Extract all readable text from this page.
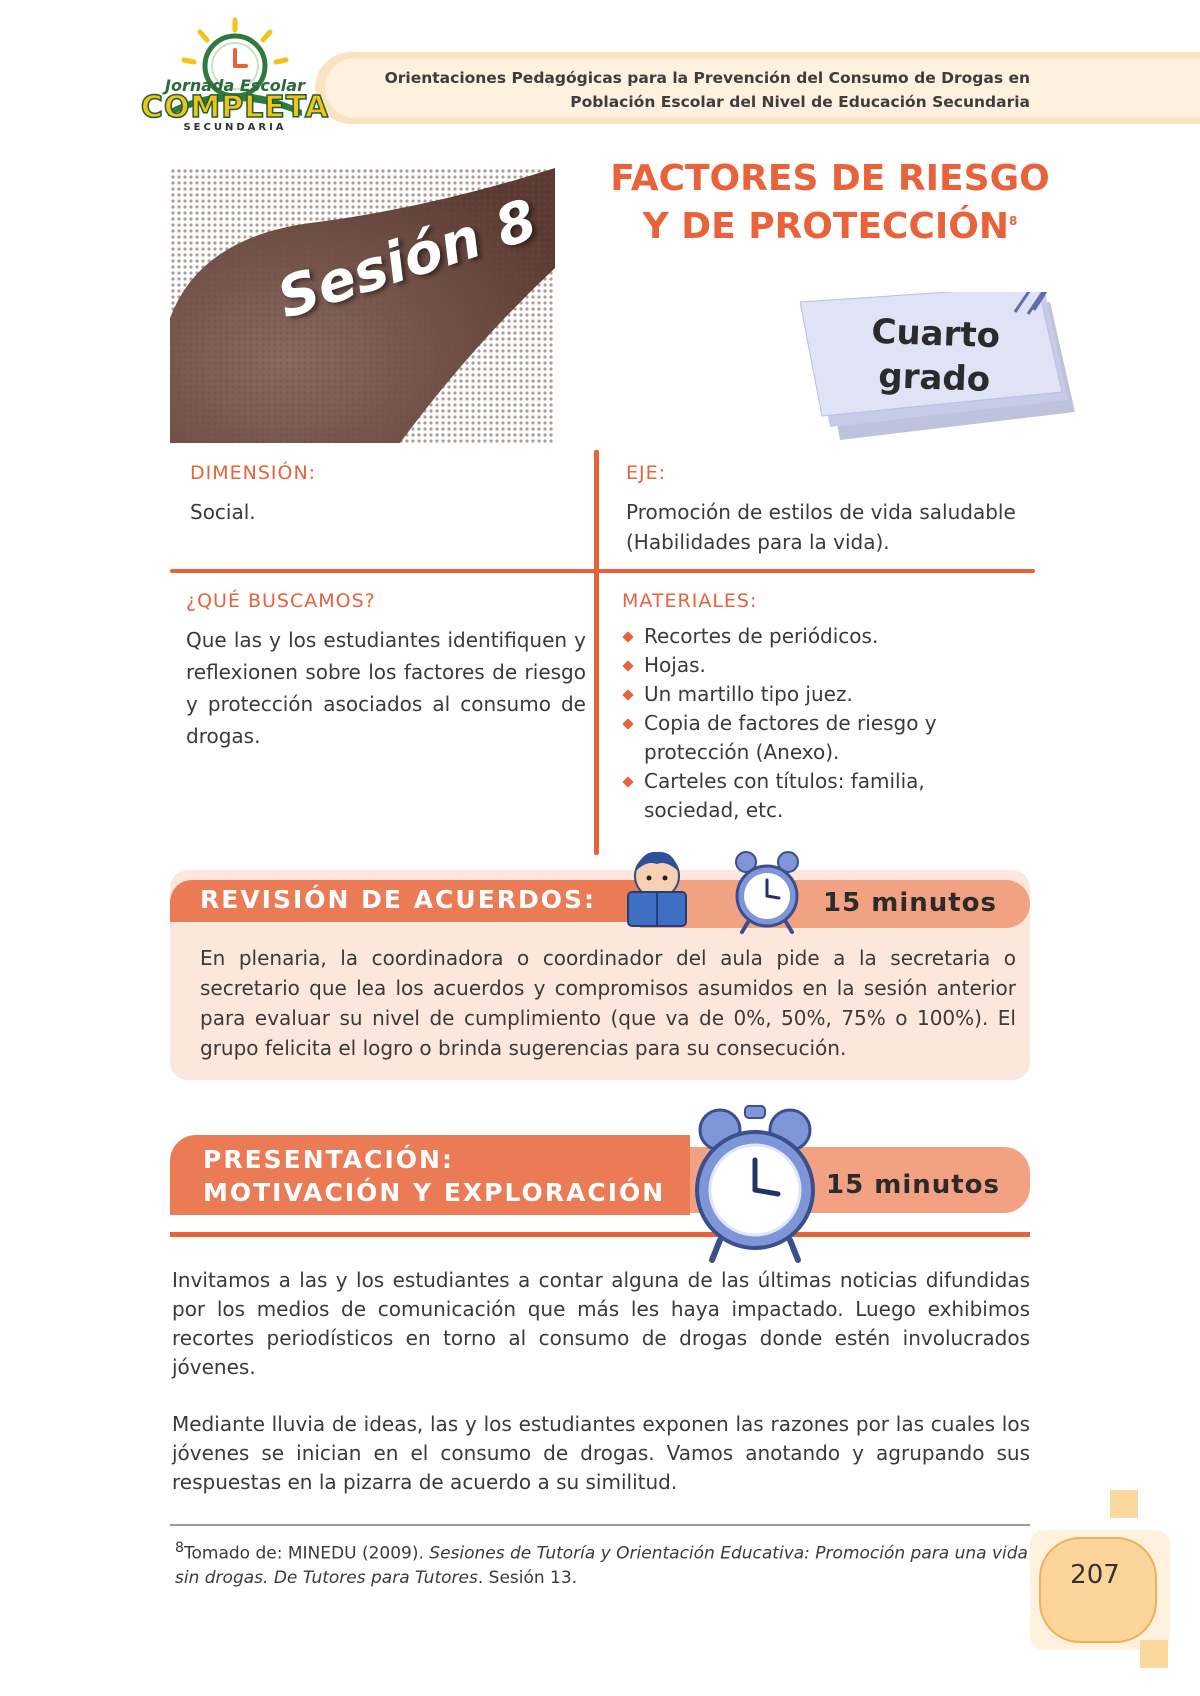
Orientaciones Pedagógicas para la Prevención del Consumo de Drogas en
Población Escolar del Nivel de Educación Secundaria
Jornada Escolar
COMPLETA
SECUNDARIA
Sesión 8
FACTORES DE RIESGO
Y DE PROTECCIÓN$^8$
Cuarto
grado
DIMENSIÓN:
Social.
EJE:
Promoción de estilos de vida saludable (Habilidades para la vida).
¿QUÉ BUSCAMOS?
Que las y los estudiantes identifiquen y reflexionen sobre los factores de riesgo y protección asociados al consumo de drogas.
MATERIALES:
Recortes de periódicos.
Hojas.
Un martillo tipo juez.
Copia de factores de riesgo y protección (Anexo).
Carteles con títulos: familia, sociedad, etc.
REVISIÓN DE ACUERDOS:	15 minutos
En plenaria, la coordinadora o coordinador del aula pide a la secretaria o secretario que lea los acuerdos y compromisos asumidos en la sesión anterior para evaluar su nivel de cumplimiento (que va de 0%, 50%, 75% o 100%). El grupo felicita el logro o brinda sugerencias para su consecución.
PRESENTACIÓN:
MOTIVACIÓN Y EXPLORACIÓN	15 minutos
Invitamos a las y los estudiantes a contar alguna de las últimas noticias difundidas por los medios de comunicación que más les haya impactado. Luego exhibimos recortes periodísticos en torno al consumo de drogas donde estén involucrados jóvenes.
Mediante lluvia de ideas, las y los estudiantes exponen las razones por las cuales los jóvenes se inician en el consumo de drogas. Vamos anotando y agrupando sus respuestas en la pizarra de acuerdo a su similitud.
$^8$Tomado de: MINEDU (2009). Sesiones de Tutoría y Orientación Educativa: Promoción para una vida sin drogas. De Tutores para Tutores. Sesión 13.	207
